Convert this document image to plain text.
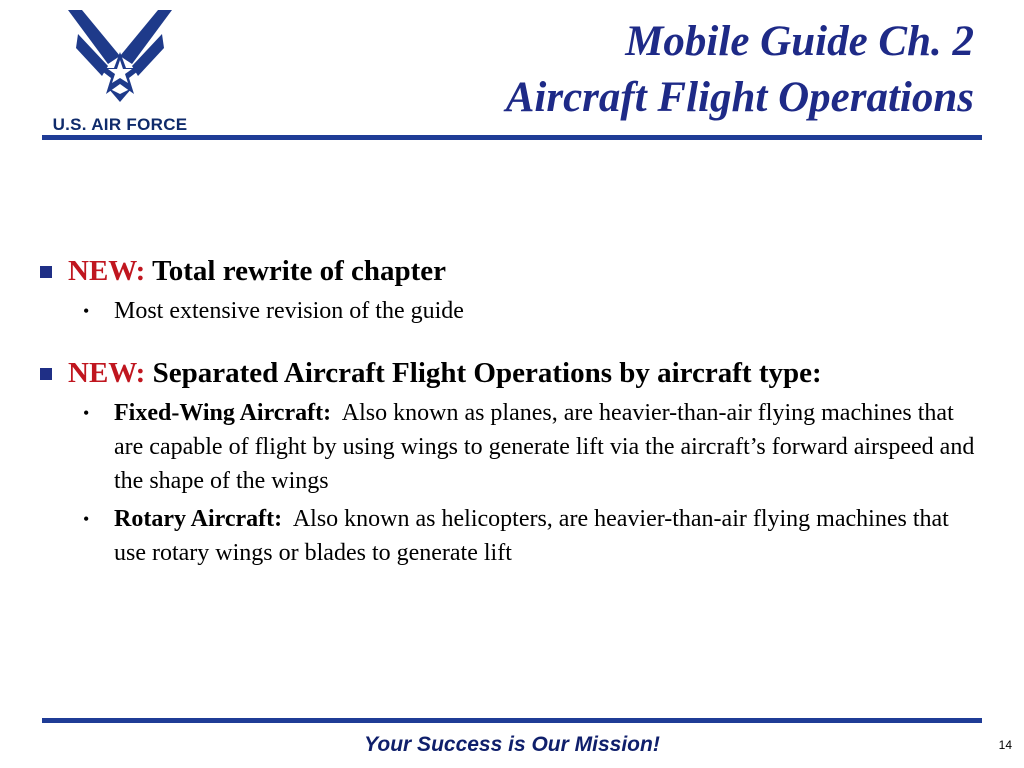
U.S. AIR FORCE
Mobile Guide Ch. 2
Aircraft Flight Operations
NEW: Total rewrite of chapter
• Most extensive revision of the guide
NEW: Separated Aircraft Flight Operations by aircraft type:
• Fixed-Wing Aircraft: Also known as planes, are heavier-than-air flying machines that are capable of flight by using wings to generate lift via the aircraft’s forward airspeed and the shape of the wings
• Rotary Aircraft: Also known as helicopters, are heavier-than-air flying machines that use rotary wings or blades to generate lift
Your Success is Our Mission!	14
